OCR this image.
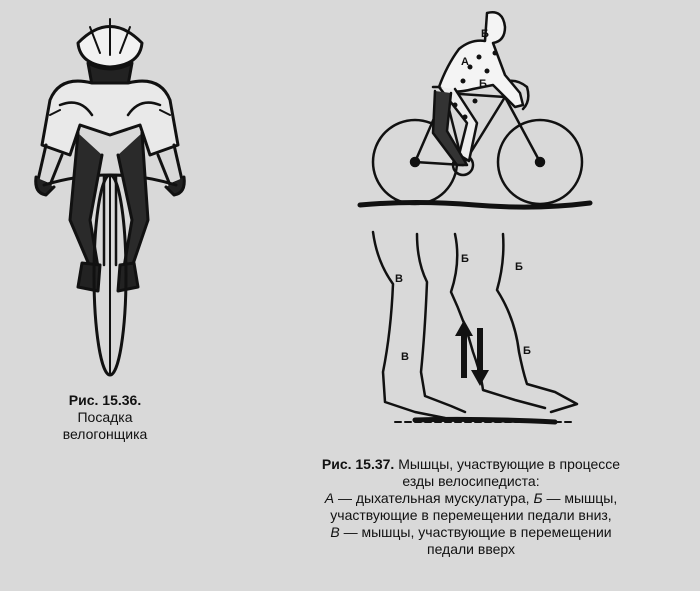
Рис. 15.36.
Посадка
велогонщика
Б
А
Б
В
В
Б
Б
Б
Рис. 15.37. Мышцы, участвующие в процессе
езды велосипедиста:
А — дыхательная мускулатура, Б — мышцы,
участвующие в перемещении педали вниз,
В — мышцы, участвующие в перемещении
педали вверх
